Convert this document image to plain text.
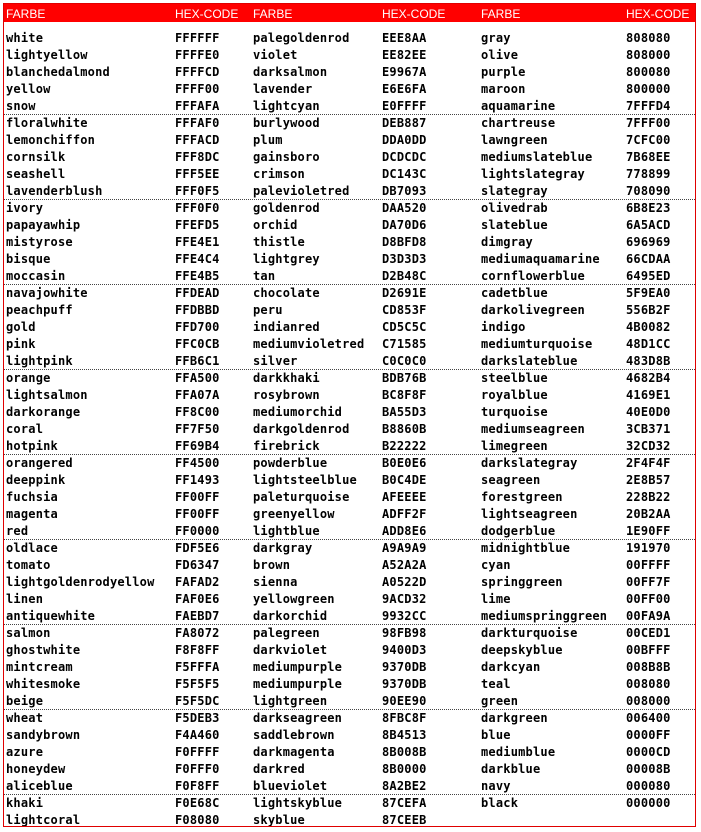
FARBE	HEX-CODE FARBE	HEX-CODE	FARBE	HEX-CODE
white	FFFFFF	palegoldenrod	EEE8AA	gray	808080
lightyellow	FFFFE0	violet	EE82EE	olive	808000
blanchedalmond	FFFFCD	darksalmon	E9967A	purple	800080
yellow	FFFF00	lavender	E6E6FA	maroon	800000
snow	FFFAFA	lightcyan	E0FFFF	aquamarine	7FFFD4
floralwhite	FFFAF0	burlywood	DEB887	chartreuse	7FFF00
lemonchiffon	FFFACD	plum	DDA0DD	lawngreen	7CFC00
cornsilk	FFF8DC	gainsboro	DCDCDC	mediumslateblue	7B68EE
seashell	FFF5EE	crimson	DC143C	lightslategray	778899
lavenderblush	FFF0F5	palevioletred	DB7093	slategray	708090
ivory	FFF0F0	goldenrod	DAA520	olivedrab	6B8E23
papayawhip	FFEFD5	orchid	DA70D6	slateblue	6A5ACD
mistyrose	FFE4E1	thistle	D8BFD8	dimgray	696969
bisque	FFE4C4	lightgrey	D3D3D3	mediumaquamarine 66CDAA
moccasin	FFE4B5	tan	D2B48C	cornflowerblue	6495ED
navajowhite	FFDEAD	chocolate	D2691E	cadetblue	5F9EA0
peachpuff	FFDBBD	peru	CD853F	darkolivegreen	556B2F
gold	FFD700	indianred	CD5C5C	indigo	4B0082
pink	FFC0CB	mediumvioletred C71585	mediumturquoise	48D1CC
lightpink	FFB6C1	silver	C0C0C0	darkslateblue	483D8B
orange	FFA500	darkkhaki	BDB76B	steelblue	4682B4
lightsalmon	FFA07A	rosybrown	BC8F8F	royalblue	4169E1
darkorange	FF8C00	mediumorchid	BA55D3	turquoise	40E0D0
coral	FF7F50	darkgoldenrod	B8860B	mediumseagreen	3CB371
hotpink	FF69B4	firebrick	B22222	limegreen	32CD32
orangered	FF4500	powderblue	B0E0E6	darkslategray	2F4F4F
deeppink	FF1493	lightsteelblue B0C4DE	seagreen	2E8B57
fuchsia	FF00FF	paleturquoise	AFEEEE	forestgreen	228B22
magenta	FF00FF	greenyellow	ADFF2F	lightseagreen	20B2AA
red	FF0000	lightblue	ADD8E6	dodgerblue	1E90FF
oldlace	FDF5E6	darkgray	A9A9A9	midnightblue	191970
tomato	FD6347	brown	A52A2A	cyan	00FFFF
lightgoldenrodyellow FAFAD2	sienna	A0522D	springgreen	00FF7F
linen	FAF0E6	yellowgreen	9ACD32	lime	00FF00
antiquewhite	FAEBD7	darkorchid	9932CC	mediumspringgreen 00FA9A
salmon	FA8072	palegreen	98FB98	darkturquoise	00CED1
ghostwhite	F8F8FF	darkviolet	9400D3	deepskyblue	00BFFF
mintcream	F5FFFA	mediumpurple	9370DB	darkcyan	008B8B
whitesmoke	F5F5F5	mediumpurple	9370DB	teal	008080
beige	F5F5DC	lightgreen	90EE90	green	008000
wheat	F5DEB3	darkseagreen	8FBC8F	darkgreen	006400
sandybrown	F4A460	saddlebrown	8B4513	blue	0000FF
azure	F0FFFF	darkmagenta	8B008B	mediumblue	0000CD
honeydew	F0FFF0	darkred	8B0000	darkblue	00008B
aliceblue	F0F8FF	blueviolet	8A2BE2	navy	000080
khaki	F0E68C	lightskyblue	87CEFA	black	000000
lightcoral	F08080	skyblue	87CEEB
